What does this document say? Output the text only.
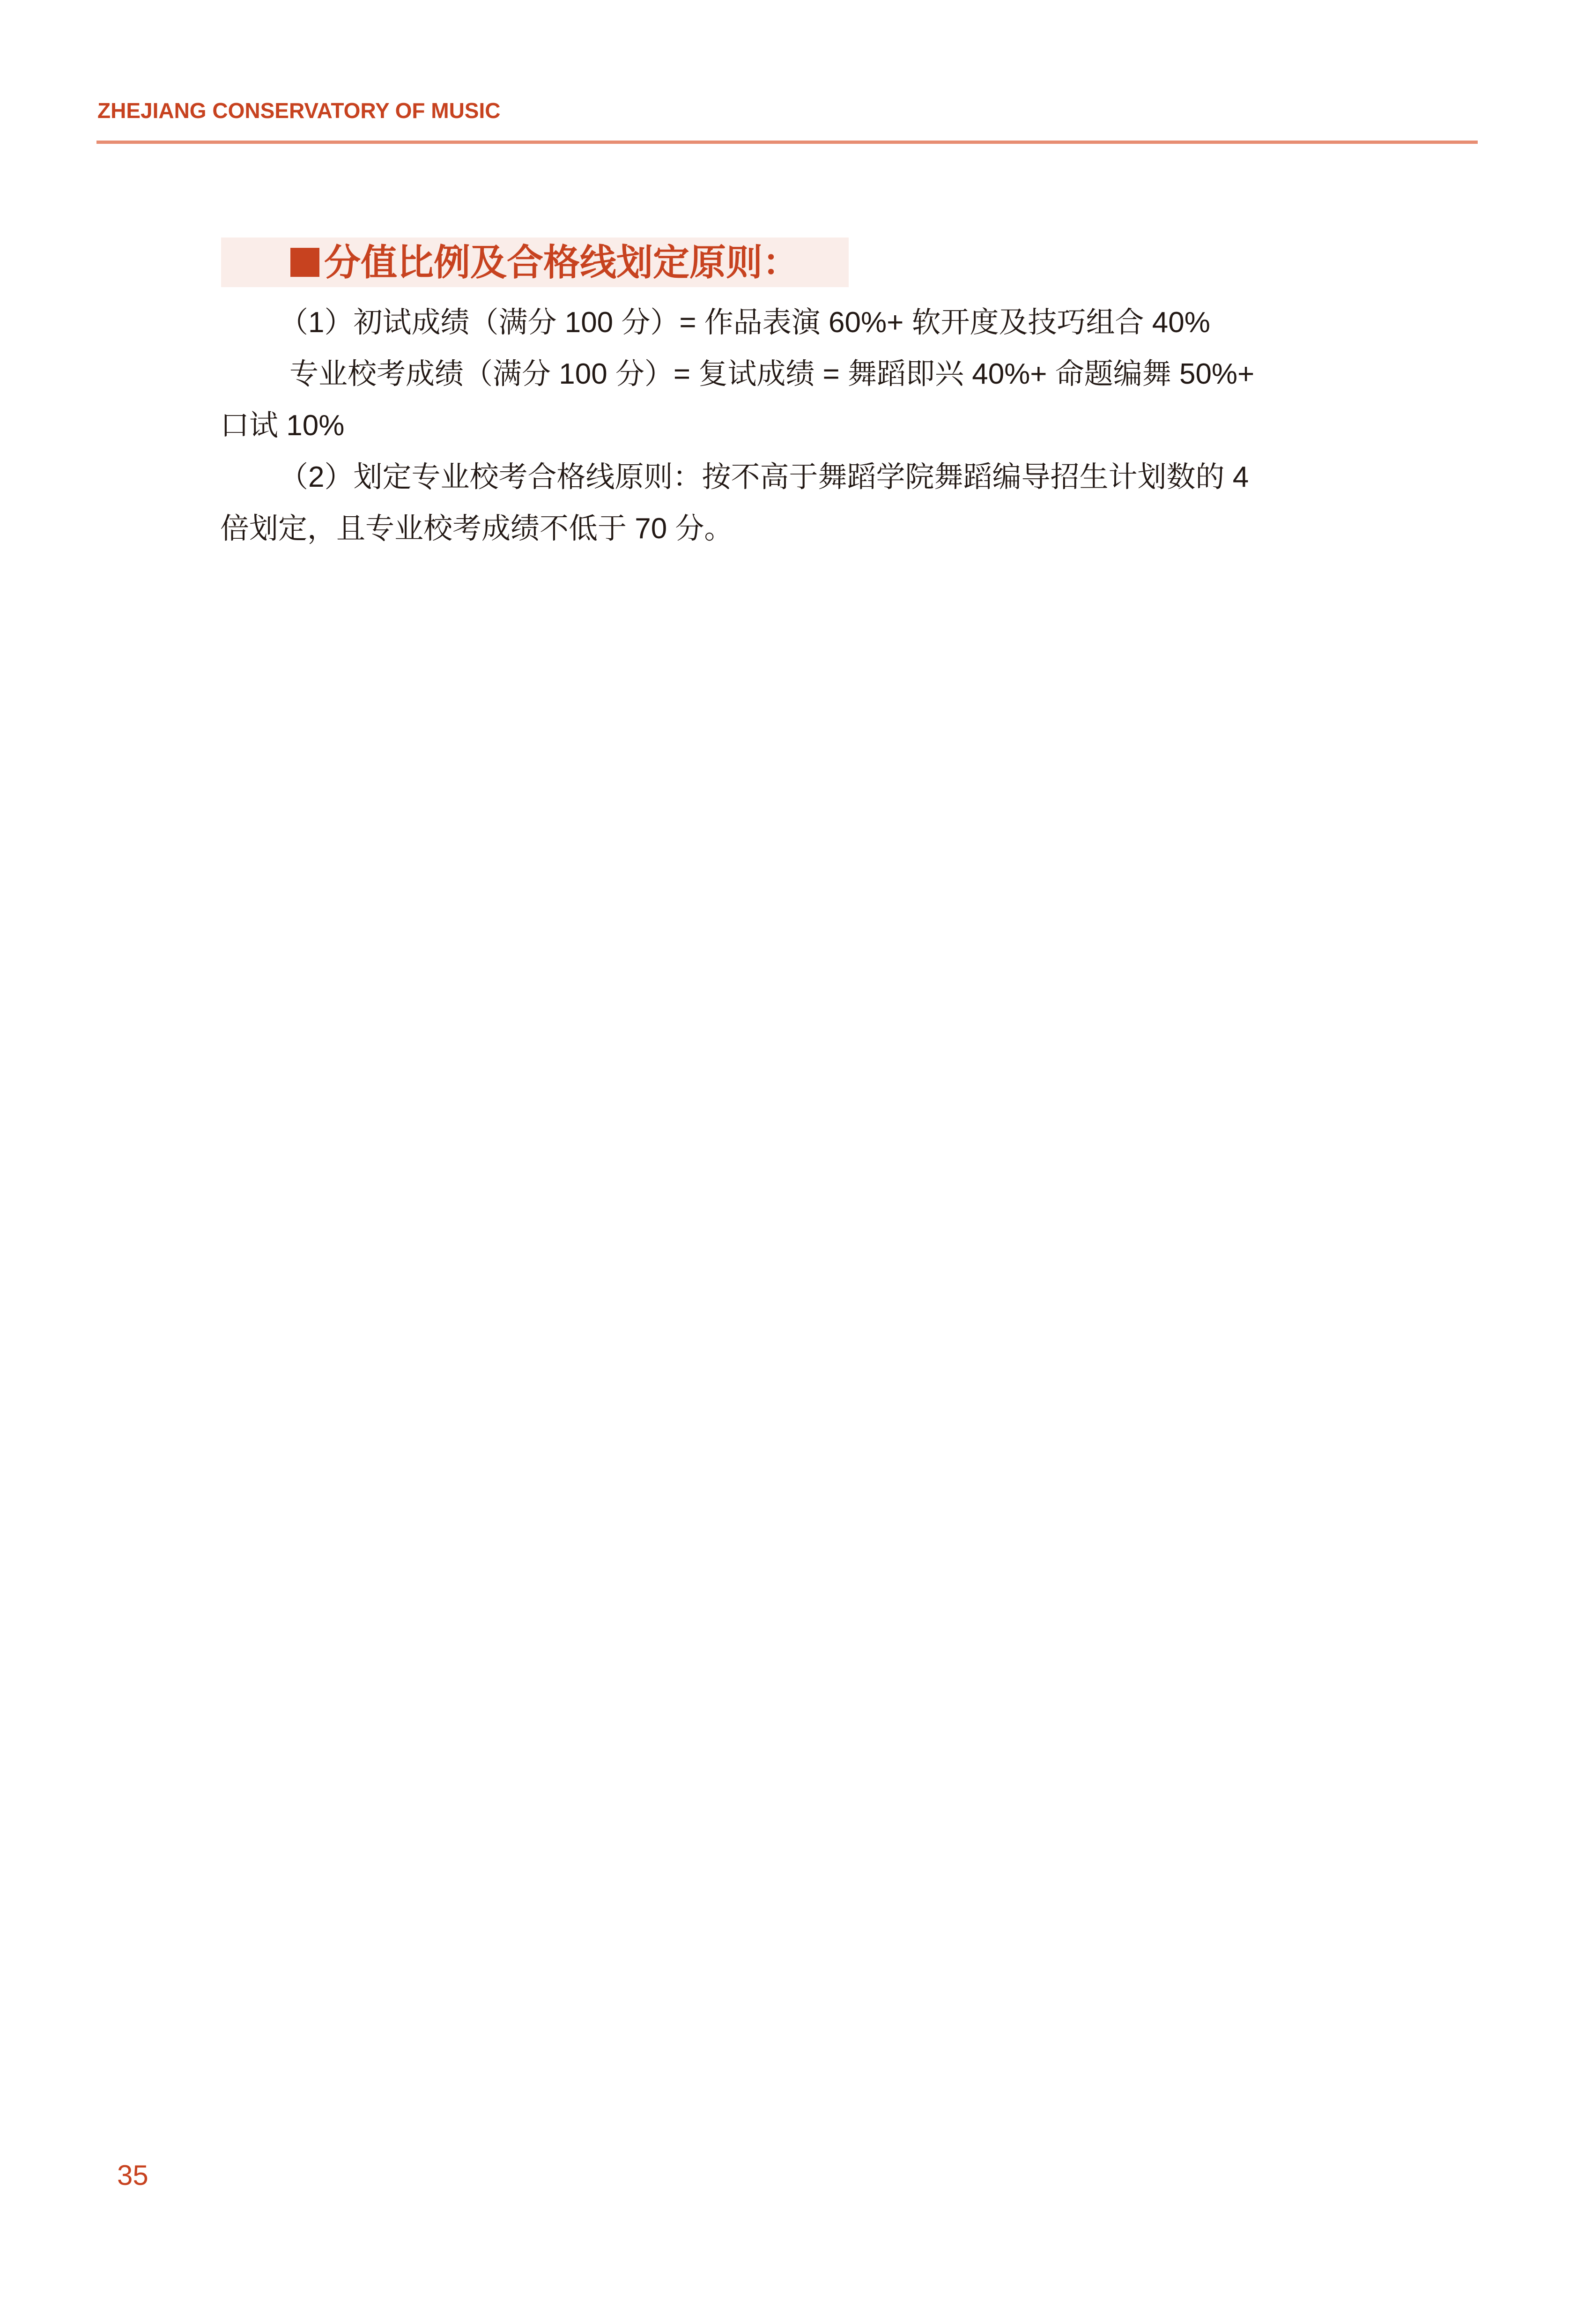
ZHEJIANG CONSERVATORY OF MUSIC
分值比例及合格线划定原则：
（1）初试成绩（满分 100 分）= 作品表演 60%+ 软开度及技巧组合 40%
专业校考成绩（满分 100 分）= 复试成绩 = 舞蹈即兴 40%+ 命题编舞 50%+
口试 10%
（2）划定专业校考合格线原则：按不高于舞蹈学院舞蹈编导招生计划数的 4
倍划定，且专业校考成绩不低于 70 分。
35
